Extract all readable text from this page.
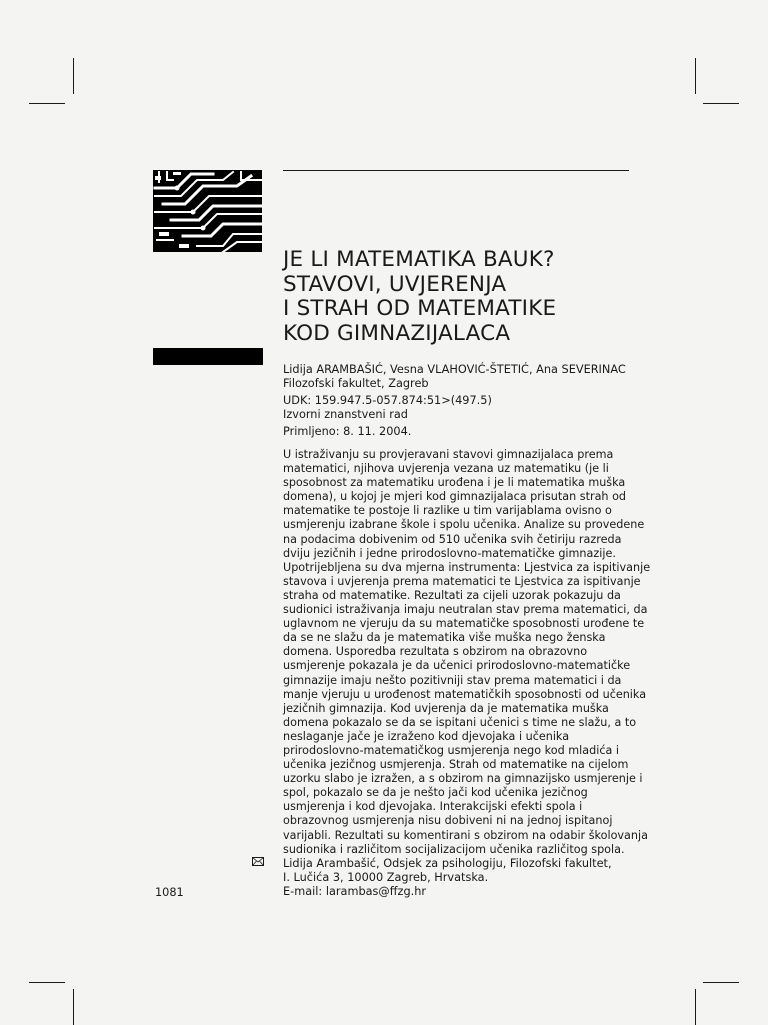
JE LI MATEMATIKA BAUK?
STAVOVI, UVJERENJA
I STRAH OD MATEMATIKE
KOD GIMNAZIJALACA

Lidija ARAMBAŠIĆ, Vesna VLAHOVIĆ-ŠTETIĆ, Ana SEVERINAC
Filozofski fakultet, Zagreb

UDK: 159.947.5-057.874:51>(497.5)
Izvorni znanstveni rad

Primljeno: 8. 11. 2004.

U istraživanju su provjeravani stavovi gimnazijalaca prema
matematici, njihova uvjerenja vezana uz matematiku (je li
sposobnost za matematiku urođena i je li matematika muška
domena), u kojoj je mjeri kod gimnazijalaca prisutan strah od
matematike te postoje li razlike u tim varijablama ovisno o
usmjerenju izabrane škole i spolu učenika. Analize su provedene
na podacima dobivenim od 510 učenika svih četiriju razreda
dviju jezičnih i jedne prirodoslovno-matematičke gimnazije.
Upotrijebljena su dva mjerna instrumenta: Ljestvica za ispitivanje
stavova i uvjerenja prema matematici te Ljestvica za ispitivanje
straha od matematike. Rezultati za cijeli uzorak pokazuju da
sudionici istraživanja imaju neutralan stav prema matematici, da
uglavnom ne vjeruju da su matematičke sposobnosti urođene te
da se ne slažu da je matematika više muška nego ženska
domena. Usporedba rezultata s obzirom na obrazovno
usmjerenje pokazala je da učenici prirodoslovno-matematičke
gimnazije imaju nešto pozitivniji stav prema matematici i da
manje vjeruju u urođenost matematičkih sposobnosti od učenika
jezičnih gimnazija. Kod uvjerenja da je matematika muška
domena pokazalo se da se ispitani učenici s time ne slažu, a to
neslaganje jače je izraženo kod djevojaka i učenika
prirodoslovno-matematičkog usmjerenja nego kod mladića i
učenika jezičnog usmjerenja. Strah od matematike na cijelom
uzorku slabo je izražen, a s obzirom na gimnazijsko usmjerenje i
spol, pokazalo se da je nešto jači kod učenika jezičnog
usmjerenja i kod djevojaka. Interakcijski efekti spola i
obrazovnog usmjerenja nisu dobiveni ni na jednoj ispitanoj
varijabli. Rezultati su komentirani s obzirom na odabir školovanja
sudionika i različitom socijalizacijom učenika različitog spola.

Lidija Arambašić, Odsjek za psihologiju, Filozofski fakultet,
I. Lučića 3, 10000 Zagreb, Hrvatska.
E-mail: larambas@ffzg.hr

1081
